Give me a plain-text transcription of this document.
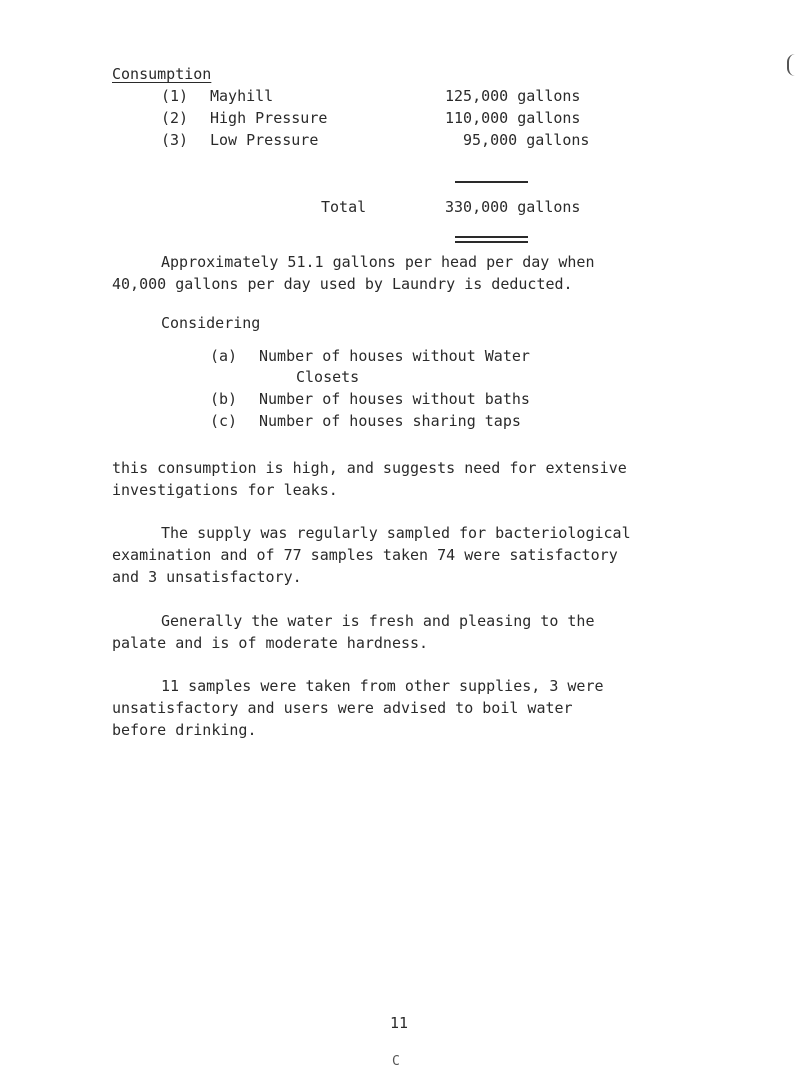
Consumption
(1) Mayhill	125,000 gallons
(2) High Pressure	110,000 gallons
(3) Low Pressure	95,000 gallons
Total	330,000 gallons
Approximately 51.1 gallons per head per day when
40,000 gallons per day used by Laundry is deducted.
Considering
(a) Number of houses without Water
Closets
(b) Number of houses without baths
(c) Number of houses sharing taps
this consumption is high, and suggests need for extensive
investigations for leaks.
The supply was regularly sampled for bacteriological
examination and of 77 samples taken 74 were satisfactory
and 3 unsatisfactory.
Generally the water is fresh and pleasing to the
palate and is of moderate hardness.
11 samples were taken from other supplies, 3 were
unsatisfactory and users were advised to boil water
before drinking.
11
C
